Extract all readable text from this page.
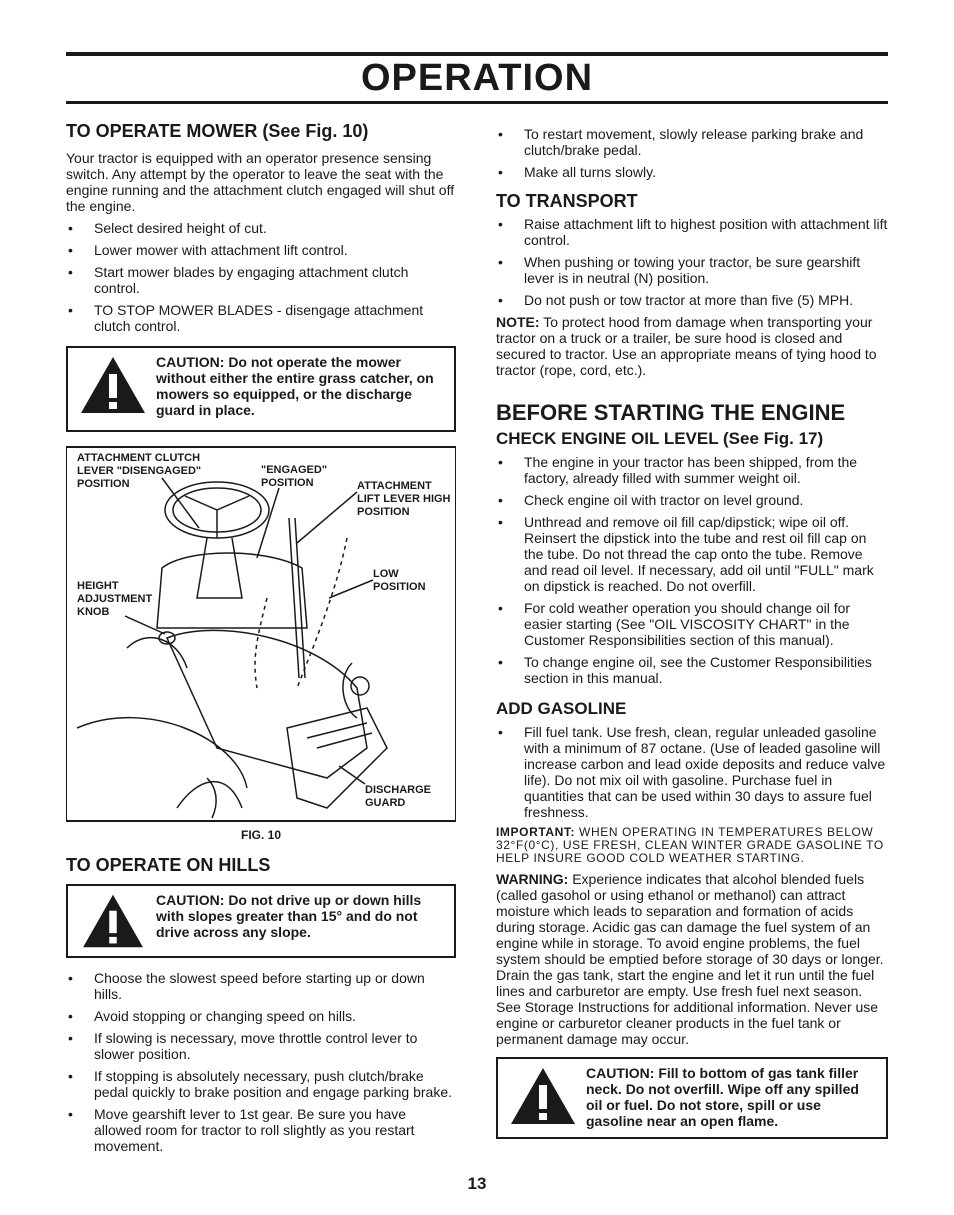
OPERATION
TO OPERATE MOWER (See Fig. 10)

Your tractor is equipped with an operator presence sensing switch. Any attempt by the operator to leave the seat with the engine running and the attachment clutch engaged will shut off the engine.

• Select desired height of cut.
• Lower mower with attachment lift control.
• Start mower blades by engaging attachment clutch control.
• TO STOP MOWER BLADES - disengage attachment clutch control.
CAUTION: Do not operate the mower without either the entire grass catcher, on mowers so equipped, or the discharge guard in place.
ATTACHMENT CLUTCH LEVER "DISENGAGED" POSITION
"ENGAGED" POSITION	ATTACHMENT LIFT LEVER HIGH POSITION
LOW POSITION
HEIGHT ADJUSTMENT KNOB
DISCHARGE GUARD
FIG. 10
TO OPERATE ON HILLS
CAUTION: Do not drive up or down hills with slopes greater than 15° and do not drive across any slope.
• Choose the slowest speed before starting up or down hills.
• Avoid stopping or changing speed on hills.
• If slowing is necessary, move throttle control lever to slower position.
• If stopping is absolutely necessary, push clutch/brake pedal quickly to brake position and engage parking brake.
• Move gearshift lever to 1st gear. Be sure you have allowed room for tractor to roll slightly as you restart movement.
• To restart movement, slowly release parking brake and clutch/brake pedal.
• Make all turns slowly.
TO TRANSPORT
• Raise attachment lift to highest position with attachment lift control.
• When pushing or towing your tractor, be sure gearshift lever is in neutral (N) position.
• Do not push or tow tractor at more than five (5) MPH.

NOTE: To protect hood from damage when transporting your tractor on a truck or a trailer, be sure hood is closed and secured to tractor. Use an appropriate means of tying hood to tractor (rope, cord, etc.).

BEFORE STARTING THE ENGINE
CHECK ENGINE OIL LEVEL (See Fig. 17)
• The engine in your tractor has been shipped, from the factory, already filled with summer weight oil.
• Check engine oil with tractor on level ground.
• Unthread and remove oil fill cap/dipstick; wipe oil off. Reinsert the dipstick into the tube and rest oil fill cap on the tube. Do not thread the cap onto the tube. Remove and read oil level. If necessary, add oil until "FULL" mark on dipstick is reached. Do not overfill.
• For cold weather operation you should change oil for easier starting (See "OIL VISCOSITY CHART" in the Customer Responsibilities section of this manual).
• To change engine oil, see the Customer Responsibilities section in this manual.
ADD GASOLINE
• Fill fuel tank. Use fresh, clean, regular unleaded gasoline with a minimum of 87 octane. (Use of leaded gasoline will increase carbon and lead oxide deposits and reduce valve life). Do not mix oil with gasoline. Purchase fuel in quantities that can be used within 30 days to assure fuel freshness.

IMPORTANT: WHEN OPERATING IN TEMPERATURES BELOW 32°F(0°C), USE FRESH, CLEAN WINTER GRADE GASOLINE TO HELP INSURE GOOD COLD WEATHER STARTING.

WARNING: Experience indicates that alcohol blended fuels (called gasohol or using ethanol or methanol) can attract moisture which leads to separation and formation of acids during storage. Acidic gas can damage the fuel system of an engine while in storage. To avoid engine problems, the fuel system should be emptied before storage of 30 days or longer. Drain the gas tank, start the engine and let it run until the fuel lines and carburetor are empty. Use fresh fuel next season. See Storage Instructions for additional information. Never use engine or carburetor cleaner products in the fuel tank or permanent damage may occur.

CAUTION: Fill to bottom of gas tank filler neck. Do not overfill. Wipe off any spilled oil or fuel. Do not store, spill or use gasoline near an open flame.
13
